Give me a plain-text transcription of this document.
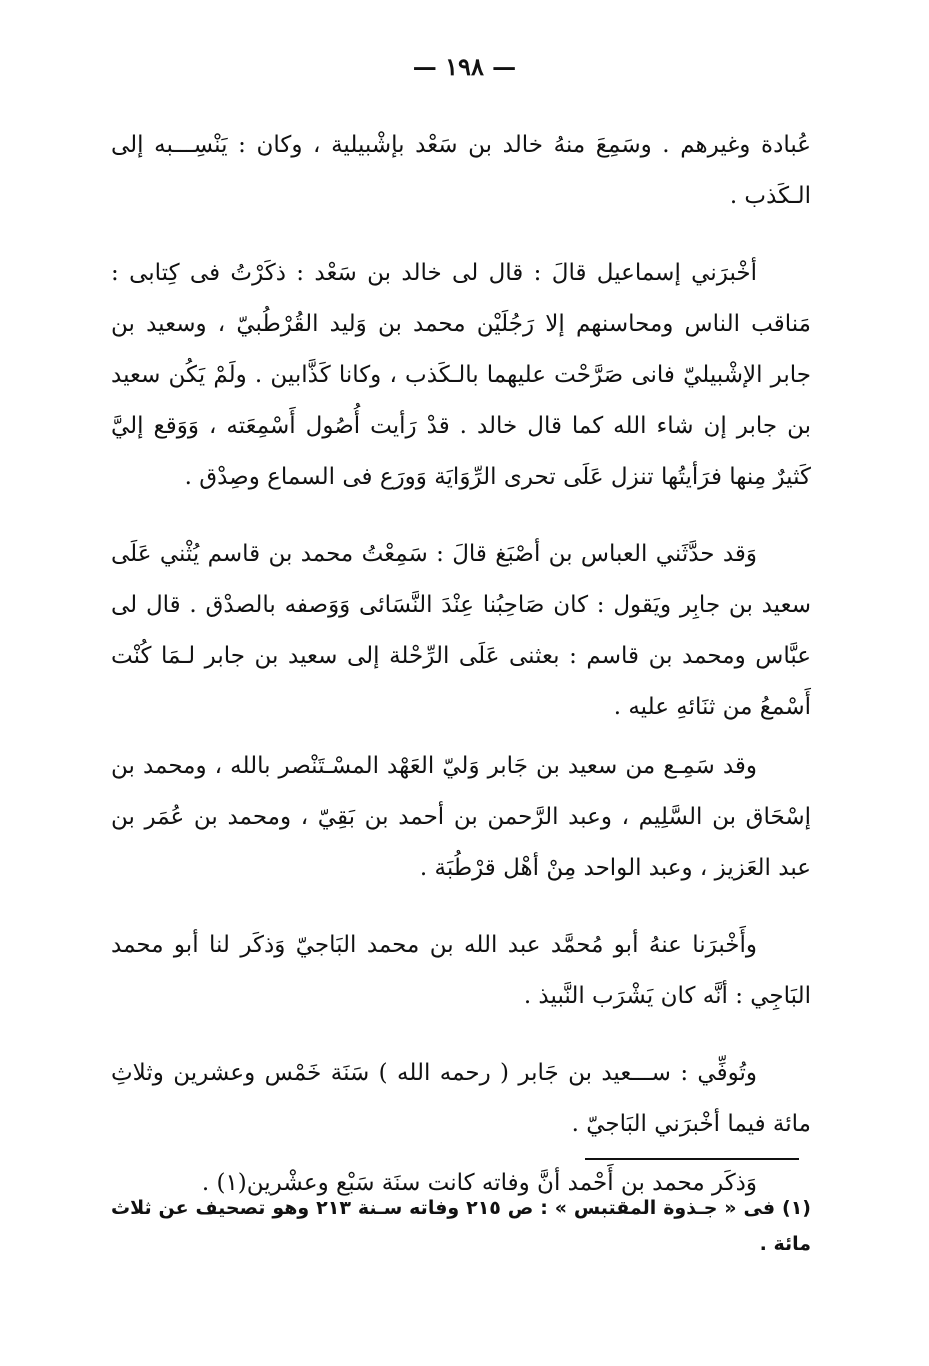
— ١٩٨ —

عُبادة وغيرهم . وسَمِعَ منهُ خالد بن سَعْد بإشْبيلية ، وكان : يَنْسِـــبه إلى الـكَذب .

أخْبرَني إسماعيل قالَ : قال لى خالد بن سَعْد : ذكَرْتُ فى كِتابى : مَناقب الناس ومحاسنهم إلا رَجُلَيْن محمد بن وَليد القُرْطُبيّ ، وسعيد بن جابر الإشْبيليّ فانى صَرَّحْت عليهما بالـكَذب ، وكانا كَذَّابين . ولَمْ يَكُن سعيد بن جابر إن شاء الله كما قال خالد . قدْ رَأيت أُصُول أَسْمِعَته ، وَوَقع إليَّ كَثيرٌ مِنها فرَأيتُها تنزل عَلَى تحرى الرِّوَايَة وَورَع فى السماع وصِدْق .

وَقد حدَّثَني العباس بن أصْبَغ قالَ : سَمِعْتُ محمد بن قاسم يُثْني عَلَى سعيد بن جابِر ويَقول : كان صَاحِبُنا عِنْدَ النَّسَائى وَوَصفه بالصدْق . قال لى عبَّاس ومحمد بن قاسم : بعثنى عَلَى الرِّحْلة إلى سعيد بن جابر لـمَا كُنْت أَسْمعُ من ثنَائهِ عليه .

وقد سَمِـع من سعيد بن جَابر وَليّ العَهْد المسْـتَنْصر بالله ، ومحمد بن إسْحَاق بن السَّلِيم ، وعبد الرَّحمن بن أحمد بن بَقِيّ ، ومحمد بن عُمَر بن عبد العَزيز ، وعبد الواحد مِنْ أهْل قرْطُبَة .

وأَخْبرَنا عنهُ أبو مُحمَّد عبد الله بن محمد البَاجيّ وَذكَر لنا أبو محمد البَاجِي : أنَّه كان يَشْرَب النَّبيذ .

وتُوفِّي : ســـعيد بن جَابر ( رحمه الله ) سَنَة خَمْس وعشرين وثلاثِ مائة فيما أخْبرَني البَاجيّ .

وَذكَر محمد بن أَحْمد أنَّ وفاته كانت سنَة سَبْع وعشْرين(١) .

(١) فى « جـذوة المقتبس » : ص ٢١٥ وفاته سـنة ٢١٣ وهو تصحيف عن ثلاث مائة .
